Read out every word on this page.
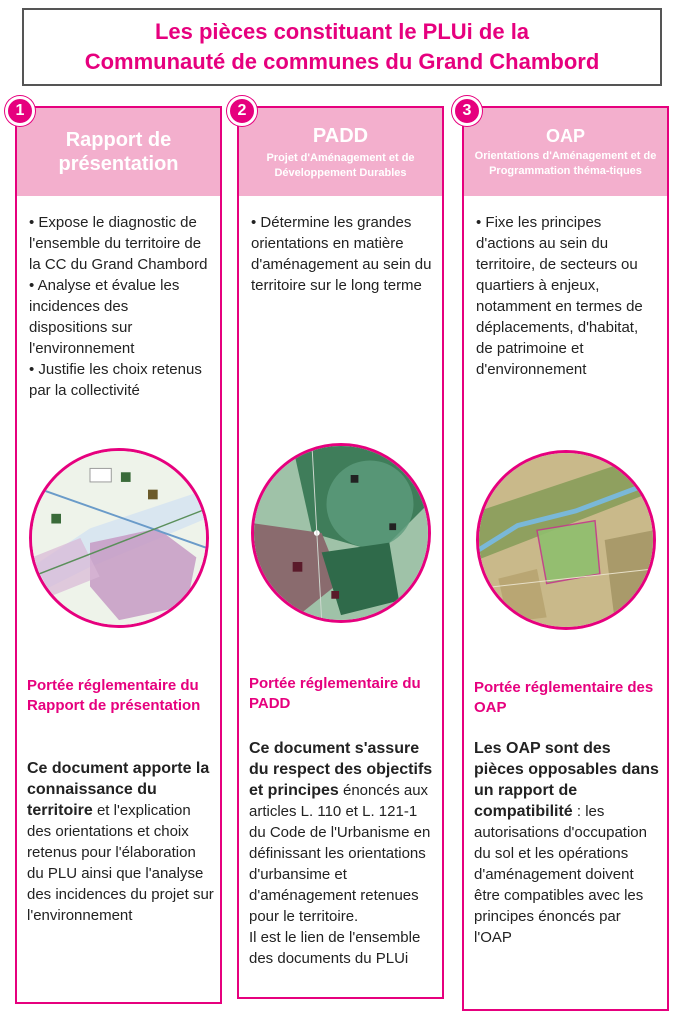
Les pièces constituant le PLUi de la
Communauté de communes du Grand Chambord
1
Rapport de
présentation
• Expose le diagnostic de l'ensemble du territoire de la CC du Grand Chambord
• Analyse et évalue les incidences des dispositions sur l'environnement
• Justifie les choix retenus par la collectivité
Portée réglementaire du Rapport de présentation
Ce document apporte la connaissance du territoire et l'explication des orientations et choix retenus pour l'élaboration du PLU ainsi que l'analyse des incidences du projet sur l'environnement
2
PADD
Projet d'Aménagement et de Développement Durables
• Détermine les grandes orientations en matière d'aménagement au sein du territoire sur le long terme
Portée réglementaire du PADD
Ce document s'assure du respect des objectifs et principes énoncés aux articles L. 110 et L. 121-1 du Code de l'Urbanisme en définissant les orientations d'urbansime et d'aménagement retenues pour le territoire.
Il est le lien de l'ensemble des documents du PLUi
3
OAP
Orientations d'Aménagement et de Programmation théma-tiques
• Fixe les principes d'actions au sein du territoire, de secteurs ou quartiers à enjeux, notamment en termes de déplacements, d'habitat, de patrimoine et d'environnement
Portée réglementaire des OAP
Les OAP sont des pièces opposables dans un rapport de compatibilité : les autorisations d'occupation du sol et les opérations d'aménagement doivent être compatibles avec les principes énoncés par l'OAP
